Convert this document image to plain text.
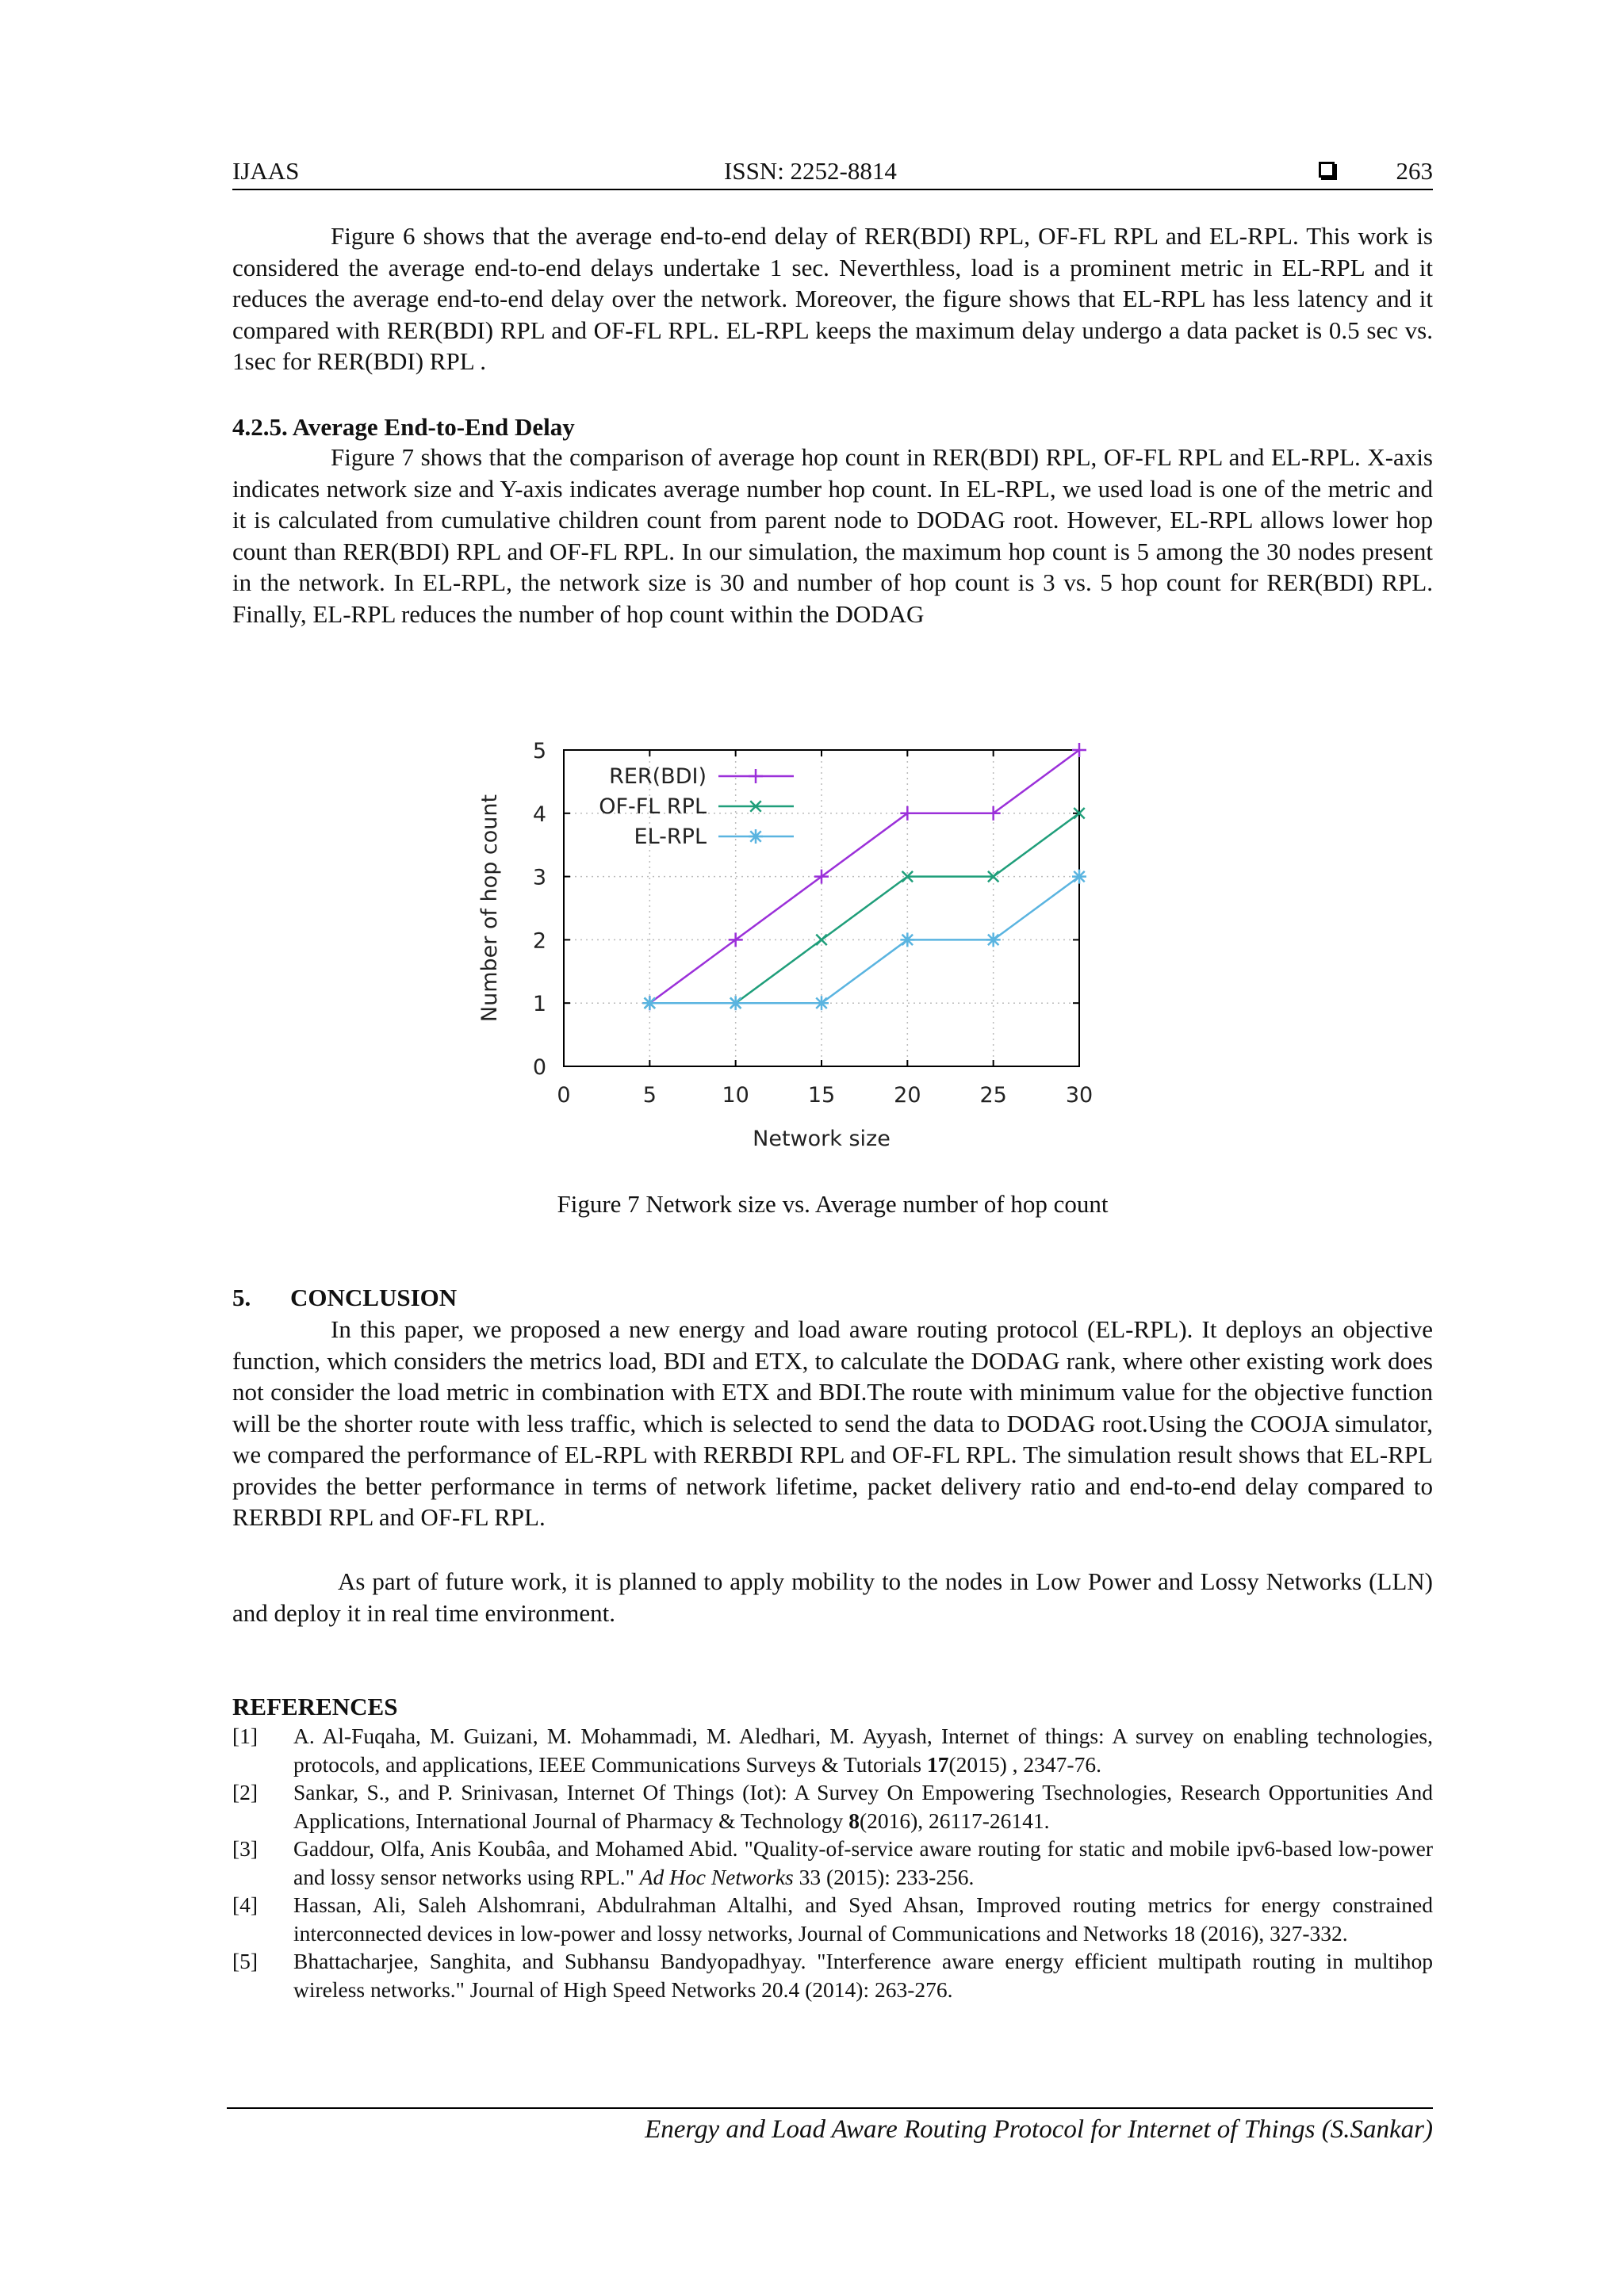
IJAAS	ISSN: 2252-8814	263

Figure 6 shows that the average end-to-end delay of RER(BDI) RPL, OF-FL RPL and EL-RPL. This work is considered the average end-to-end delays undertake 1 sec. Neverthless, load is a prominent metric in EL-RPL and it reduces the average end-to-end delay over the network. Moreover, the figure shows that EL-RPL has less latency and it compared with RER(BDI) RPL and OF-FL RPL. EL-RPL keeps the maximum delay undergo a data packet is 0.5 sec vs. 1sec for RER(BDI) RPL .

4.2.5. Average End-to-End Delay

Figure 7 shows that the comparison of average hop count in RER(BDI) RPL, OF-FL RPL and EL-RPL. X-axis indicates network size and Y-axis indicates average number hop count. In EL-RPL, we used load is one of the metric and it is calculated from cumulative children count from parent node to DODAG root. However, EL-RPL allows lower hop count than RER(BDI) RPL and OF-FL RPL. In our simulation, the maximum hop count is 5 among the 30 nodes present in the network. In EL-RPL, the network size is 30 and number of hop count is 3 vs. 5 hop count for RER(BDI) RPL. Finally, EL-RPL reduces the number of hop count within the DODAG

0	5	10	15	20	25	30
0
1
2
3
4
5
Network size
Number of hop count
RER(BDI)
OF-FL RPL
EL-RPL
Figure 7 Network size vs. Average number of hop count
5. CONCLUSION

In this paper, we proposed a new energy and load aware routing protocol (EL-RPL). It deploys an objective function, which considers the metrics load, BDI and ETX, to calculate the DODAG rank, where other existing work does not consider the load metric in combination with ETX and BDI.The route with minimum value for the objective function will be the shorter route with less traffic, which is selected to send the data to DODAG root.Using the COOJA simulator, we compared the performance of EL-RPL with RERBDI RPL and OF-FL RPL. The simulation result shows that EL-RPL provides the better performance in terms of network lifetime, packet delivery ratio and end-to-end delay compared to RERBDI RPL and OF-FL RPL.

As part of future work, it is planned to apply mobility to the nodes in Low Power and Lossy Networks (LLN) and deploy it in real time environment.

REFERENCES
[1]	A. Al-Fuqaha, M. Guizani, M. Mohammadi, M. Aledhari, M. Ayyash, Internet of things: A survey on enabling technologies, protocols, and applications, IEEE Communications Surveys & Tutorials 17(2015) , 2347-76.
[2]	Sankar, S., and P. Srinivasan, Internet Of Things (Iot): A Survey On Empowering Tsechnologies, Research Opportunities And Applications, International Journal of Pharmacy & Technology 8(2016), 26117-26141.
[3]	Gaddour, Olfa, Anis Koubâa, and Mohamed Abid. "Quality-of-service aware routing for static and mobile ipv6-based low-power and lossy sensor networks using RPL." Ad Hoc Networks 33 (2015): 233-256.
[4]	Hassan, Ali, Saleh Alshomrani, Abdulrahman Altalhi, and Syed Ahsan, Improved routing metrics for energy constrained interconnected devices in low-power and lossy networks, Journal of Communications and Networks 18 (2016), 327-332.
[5]	Bhattacharjee, Sanghita, and Subhansu Bandyopadhyay. "Interference aware energy efficient multipath routing in multihop wireless networks." Journal of High Speed Networks 20.4 (2014): 263-276.
Energy and Load Aware Routing Protocol for Internet of Things (S.Sankar)
